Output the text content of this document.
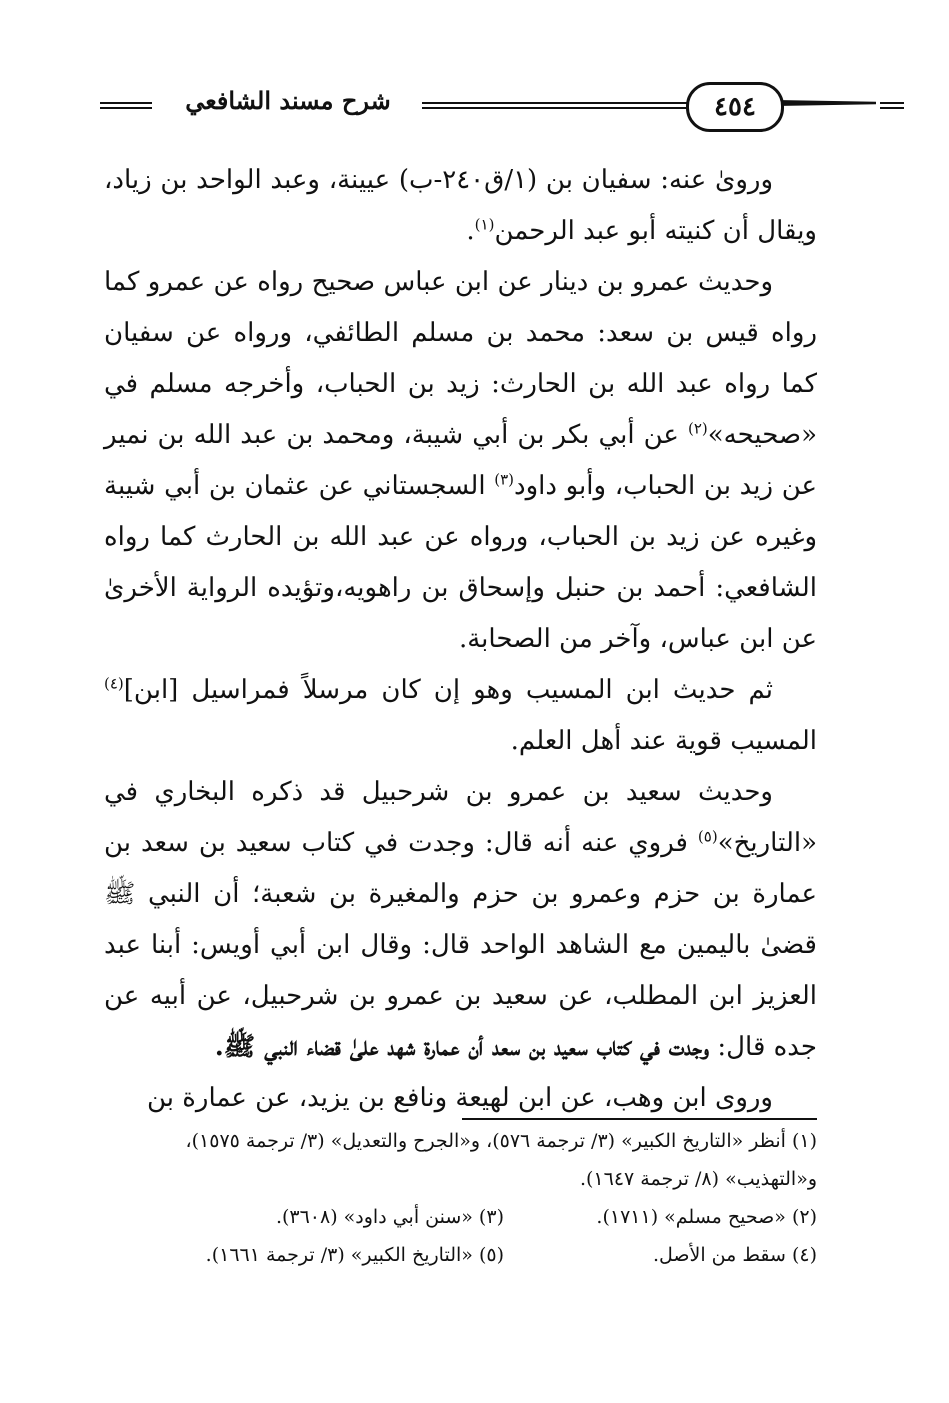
شرح مسند الشافعي	٤٥٤

وروىٰ عنه: سفيان بن (١/ق٢٤٠-ب) عيينة، وعبد الواحد بن زياد، ويقال أن كنيته أبو عبد الرحمن$^{(١)}$.

وحديث عمرو بن دينار عن ابن عباس صحيح رواه عن عمرو كما رواه قيس بن سعد: محمد بن مسلم الطائفي، ورواه عن سفيان كما رواه عبد الله بن الحارث: زيد بن الحباب، وأخرجه مسلم في «صحيحه»$^{(٢)}$ عن أبي بكر بن أبي شيبة، ومحمد بن عبد الله بن نمير عن زيد بن الحباب، وأبو داود$^{(٣)}$ السجستاني عن عثمان بن أبي شيبة وغيره عن زيد بن الحباب، ورواه عن عبد الله بن الحارث كما رواه الشافعي: أحمد بن حنبل وإسحاق بن راهويه،وتؤيده الرواية الأخرىٰ عن ابن عباس، وآخر من الصحابة.

ثم حديث ابن المسيب وهو إن كان مرسلاً فمراسيل [ابن]$^{(٤)}$ المسيب قوية عند أهل العلم.

وحديث سعيد بن عمرو بن شرحبيل قد ذكره البخاري في «التاريخ»$^{(٥)}$ فروي عنه أنه قال: وجدت في كتاب سعيد بن سعد بن عمارة بن حزم وعمرو بن حزم والمغيرة بن شعبة؛ أن النبي ﷺ قضىٰ باليمين مع الشاهد الواحد قال: وقال ابن أبي أويس: أبنا عبد العزيز ابن المطلب، عن سعيد بن عمرو بن شرحبيل، عن أبيه عن جده قال: وجدت في كتاب سعيد بن سعد أن عمارة شهد علىٰ قضاء النبي ﷺ.

وروى ابن وهب، عن ابن لهيعة ونافع بن يزيد، عن عمارة بن

(١) أنظر «التاريخ الكبير» (٣/ ترجمة ٥٧٦)، و«الجرح والتعديل» (٣/ ترجمة ١٥٧٥)،

و«التهذيب» (٨/ ترجمة ١٦٤٧).

(٢) «صحيح مسلم» (١٧١١).
(٣) «سنن أبي داود» (٣٦٠٨).
(٤) سقط من الأصل.
(٥) «التاريخ الكبير» (٣/ ترجمة ١٦٦١).
